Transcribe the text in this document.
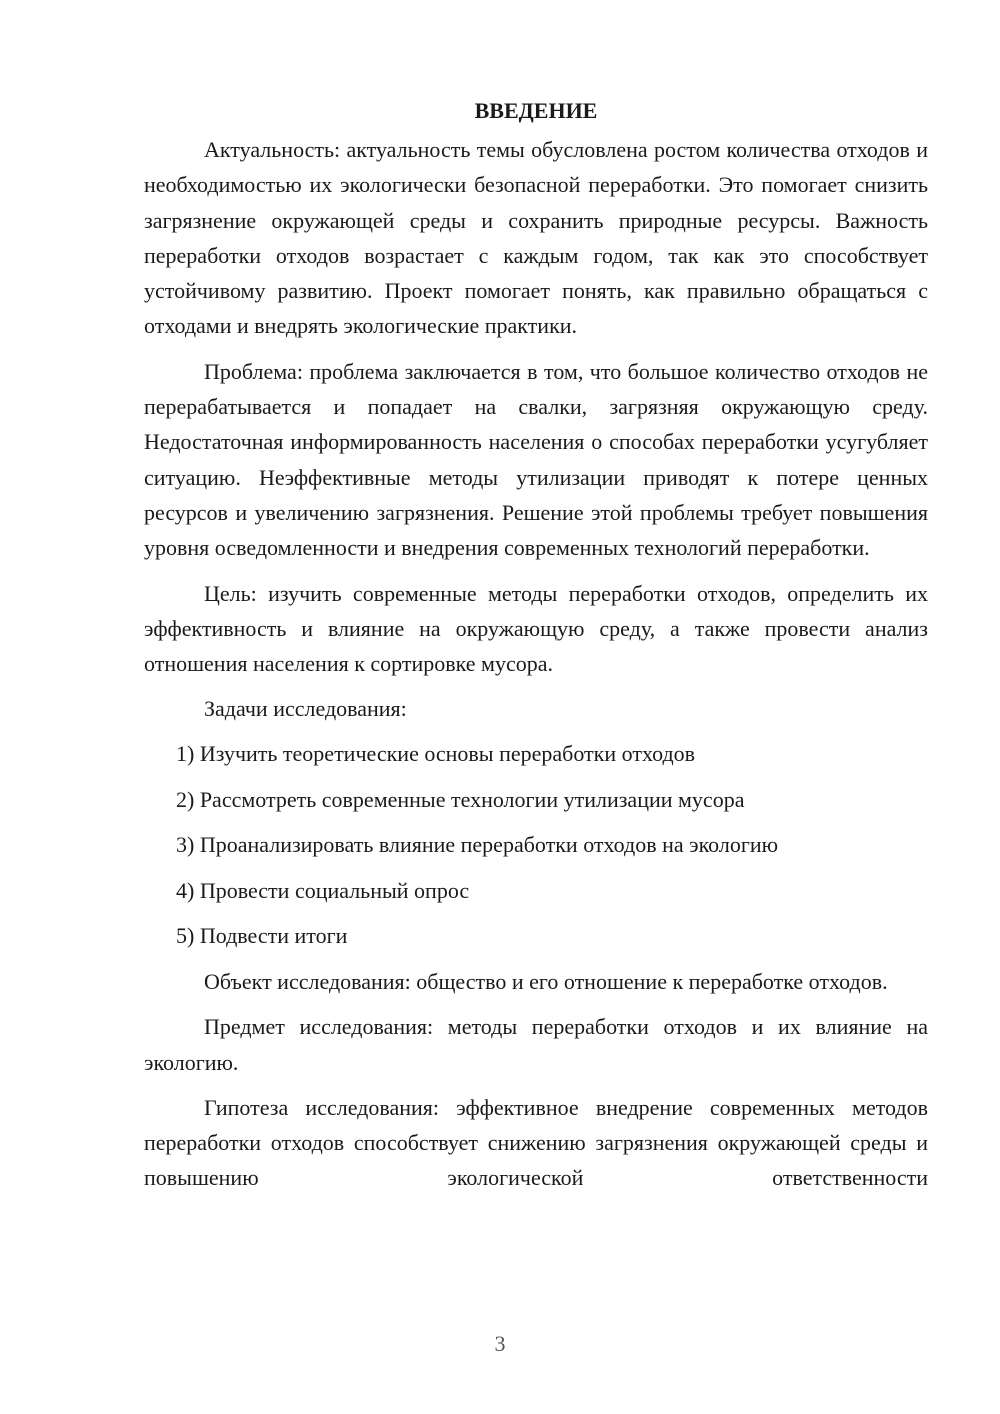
ВВЕДЕНИЕ

Актуальность: актуальность темы обусловлена ростом количества отходов и необходимостью их экологически безопасной переработки. Это помогает снизить загрязнение окружающей среды и сохранить природные ресурсы. Важность переработки отходов возрастает с каждым годом, так как это способствует устойчивому развитию. Проект помогает понять, как правильно обращаться с отходами и внедрять экологические практики.

Проблема: проблема заключается в том, что большое количество отходов не перерабатывается и попадает на свалки, загрязняя окружающую среду. Недостаточная информированность населения о способах переработки усугубляет ситуацию. Неэффективные методы утилизации приводят к потере ценных ресурсов и увеличению загрязнения. Решение этой проблемы требует повышения уровня осведомленности и внедрения современных технологий переработки.

Цель: изучить современные методы переработки отходов, определить их эффективность и влияние на окружающую среду, а также провести анализ отношения населения к сортировке мусора.

Задачи исследования:

1) Изучить теоретические основы переработки отходов
2) Рассмотреть современные технологии утилизации мусора
3) Проанализировать влияние переработки отходов на экологию
4) Провести социальный опрос
5) Подвести итоги

Объект исследования: общество и его отношение к переработке отходов.

Предмет исследования: методы переработки отходов и их влияние на экологию.

Гипотеза исследования: эффективное внедрение современных методов переработки отходов способствует снижению загрязнения окружающей среды и повышению экологической ответственности

3
